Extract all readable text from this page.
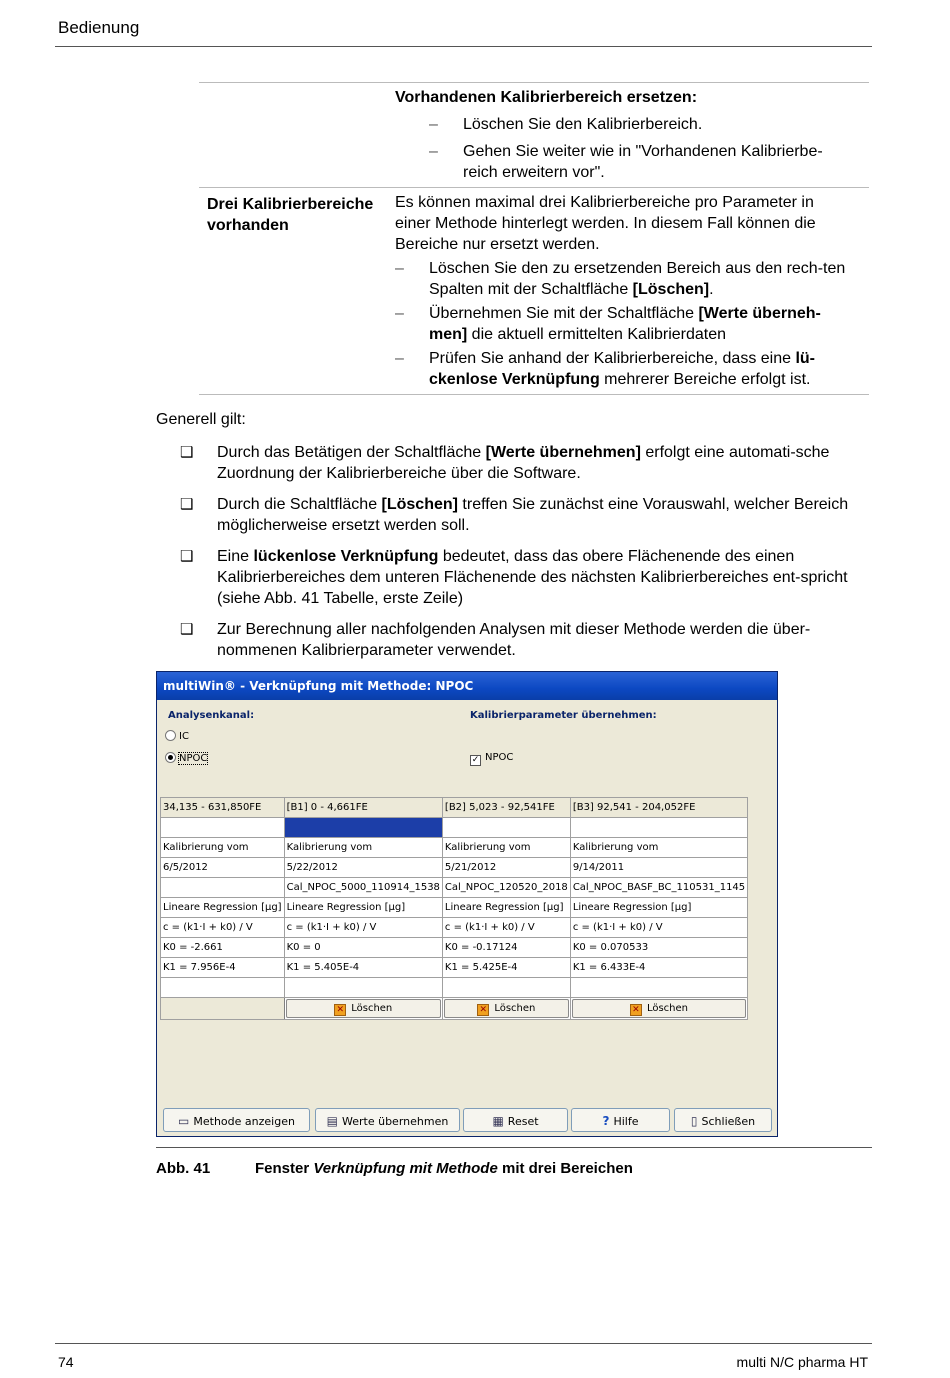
Bedienung
Vorhandenen Kalibrierbereich ersetzen:
–	Löschen Sie den Kalibrierbereich.
–	Gehen Sie weiter wie in "Vorhandenen Kalibrierbe-reich erweitern vor".
Drei Kalibrierbereiche vorhanden
Es können maximal drei Kalibrierbereiche pro Parameter in einer Methode hinterlegt werden. In diesem Fall können die Bereiche nur ersetzt werden.
–	Löschen Sie den zu ersetzenden Bereich aus den rech-ten Spalten mit der Schaltfläche [Löschen].
–	Übernehmen Sie mit der Schaltfläche [Werte überneh-men] die aktuell ermittelten Kalibrierdaten
–	Prüfen Sie anhand der Kalibrierbereiche, dass eine lü-ckenlose Verknüpfung mehrerer Bereiche erfolgt ist.
Generell gilt:
❑	Durch das Betätigen der Schaltfläche [Werte übernehmen] erfolgt eine automati-sche Zuordnung der Kalibrierbereiche über die Software.
❑	Durch die Schaltfläche [Löschen] treffen Sie zunächst eine Vorauswahl, welcher Bereich möglicherweise ersetzt werden soll.
❑	Eine lückenlose Verknüpfung bedeutet, dass das obere Flächenende des einen Kalibrierbereiches dem unteren Flächenende des nächsten Kalibrierbereiches ent-spricht (siehe Abb. 41 Tabelle, erste Zeile)
❑	Zur Berechnung aller nachfolgenden Analysen mit dieser Methode werden die über-nommenen Kalibrierparameter verwendet.
multiWin® - Verknüpfung mit Methode: NPOC
Analysenkanal:
IC
NPOC
Kalibrierparameter übernehmen:
✓ NPOC
34,135 - 631,850FE	[B1] 0 - 4,661FE	[B2] 5,023 - 92,541FE	[B3] 92,541 - 204,052FE

Kalibrierung vom	Kalibrierung vom	Kalibrierung vom	Kalibrierung vom
6/5/2012	5/22/2012	5/21/2012	9/14/2011
	Cal_NPOC_5000_110914_1538	Cal_NPOC_120520_2018	Cal_NPOC_BASF_BC_110531_1145
Lineare Regression [µg]	Lineare Regression [µg]	Lineare Regression [µg]	Lineare Regression [µg]
c = (k1·I + k0) / V	c = (k1·I + k0) / V	c = (k1·I + k0) / V	c = (k1·I + k0) / V
K0 = -2.661	K0 = 0	K0 = -0.17124	K0 = 0.070533
K1 = 7.956E-4	K1 = 5.405E-4	K1 = 5.425E-4	K1 = 6.433E-4

	✕ Löschen	✕ Löschen	✕ Löschen
▭ Methode anzeigen	▤ Werte übernehmen	▦ Reset	? Hilfe	▯ Schließen
Abb. 41	Fenster Verknüpfung mit Methode mit drei Bereichen
74	multi N/C pharma HT
